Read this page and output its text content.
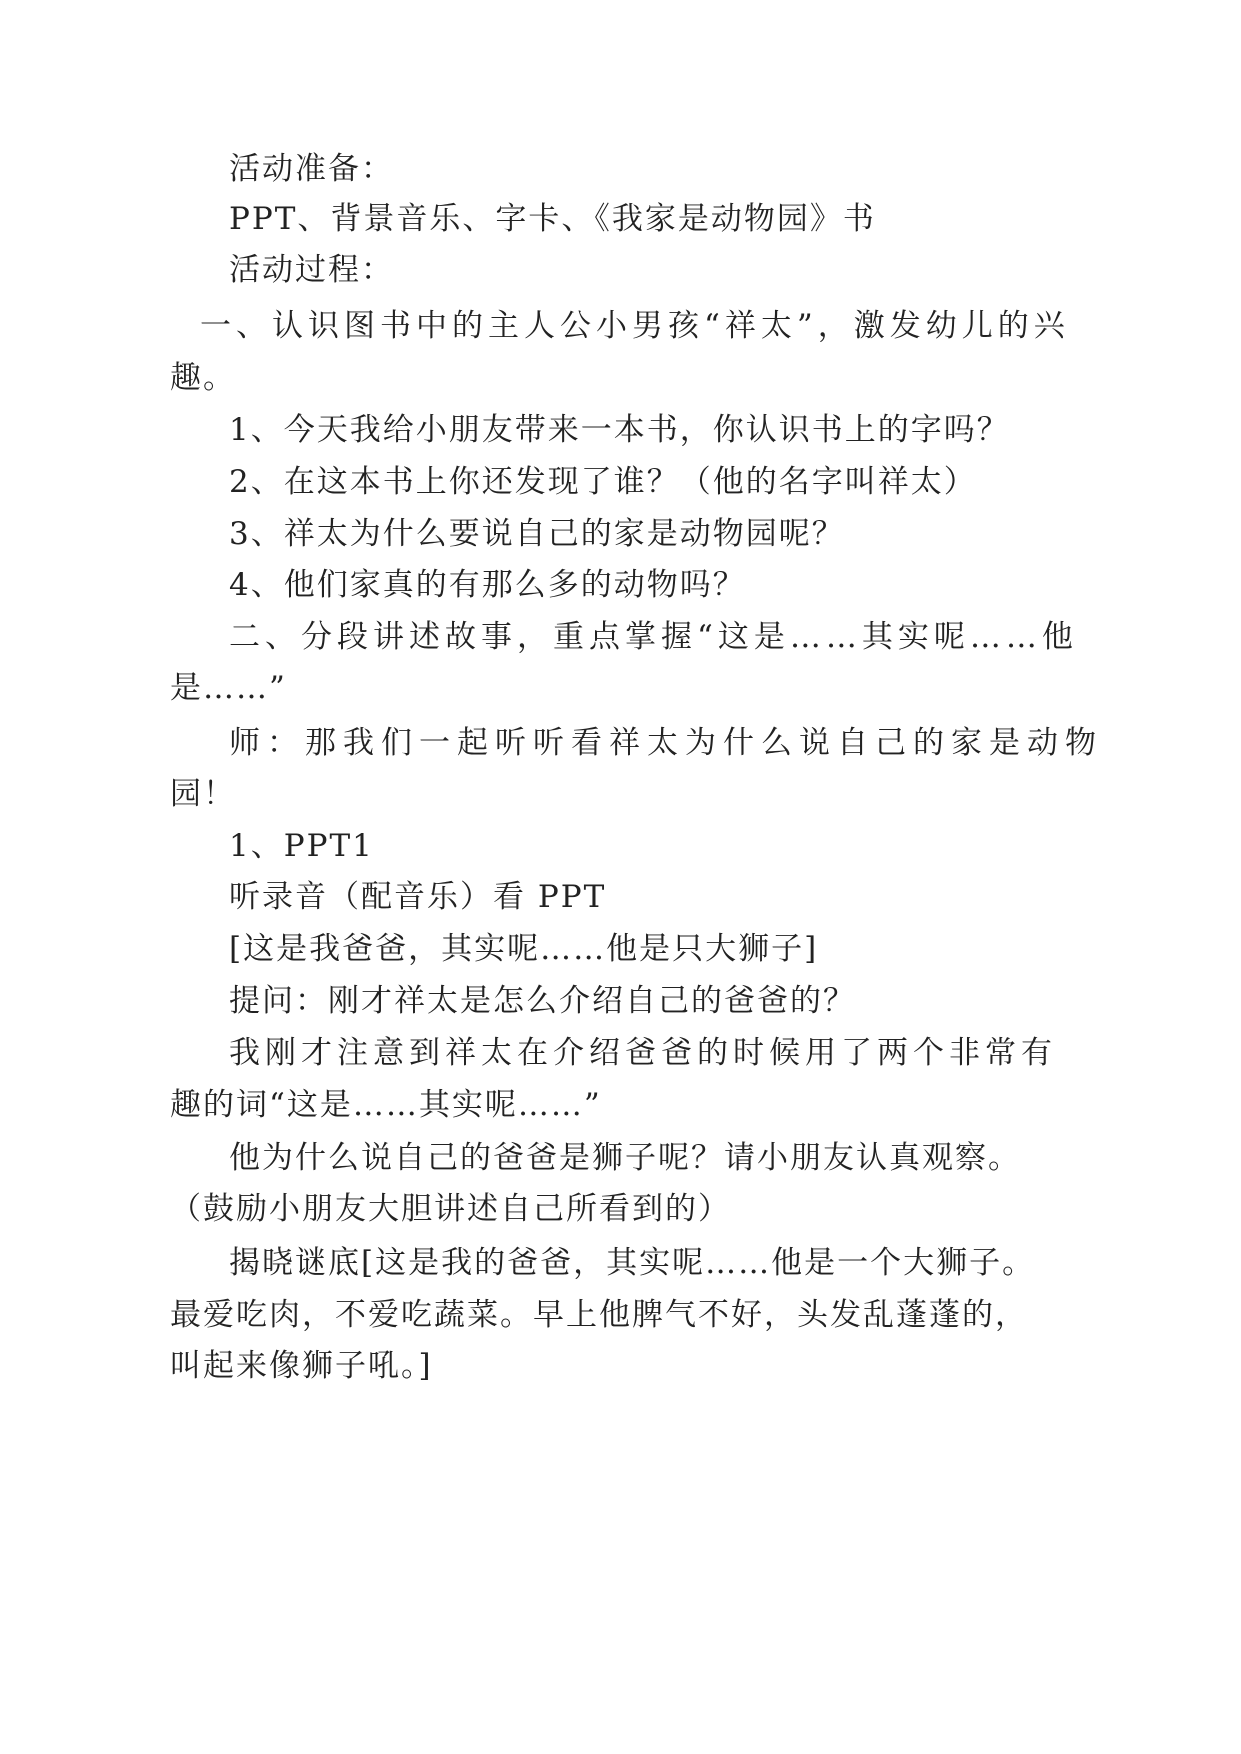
活动准备：
PPT、背景音乐、字卡、《我家是动物园》书
活动过程：
一、认识图书中的主人公小男孩“祥太”，激发幼儿的兴
趣。
1、今天我给小朋友带来一本书，你认识书上的字吗？
2、在这本书上你还发现了谁？（他的名字叫祥太）
3、祥太为什么要说自己的家是动物园呢？
4、他们家真的有那么多的动物吗？
二、分段讲述故事，重点掌握“这是……其实呢……他
是……”
师：那我们一起听听看祥太为什么说自己的家是动物
园！
1、PPT1
听录音（配音乐）看 PPT
[这是我爸爸，其实呢……他是只大狮子]
提问：刚才祥太是怎么介绍自己的爸爸的？
我刚才注意到祥太在介绍爸爸的时候用了两个非常有
趣的词“这是……其实呢……”
他为什么说自己的爸爸是狮子呢？请小朋友认真观察。
（鼓励小朋友大胆讲述自己所看到的）
揭晓谜底[这是我的爸爸，其实呢……他是一个大狮子。
最爱吃肉，不爱吃蔬菜。早上他脾气不好，头发乱蓬蓬的，
叫起来像狮子吼。]
